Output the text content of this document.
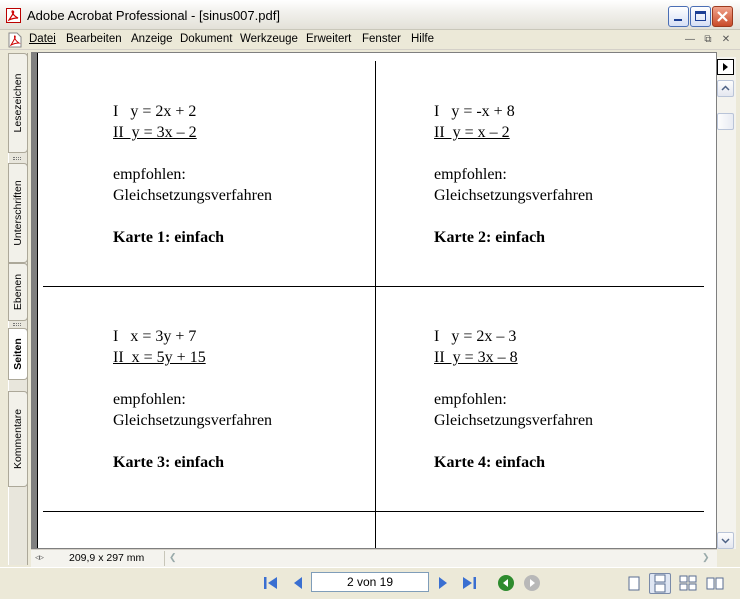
Adobe Acrobat Professional - [sinus007.pdf]
Datei Bearbeiten Anzeige Dokument Werkzeuge Erweitert Fenster Hilfe	— ⧉	✕
Lesezeichen
Unterschriften
Ebenen
Seiten
Kommentare
I   y = 2x + 2
II  y = 3x – 2
empfohlen:
Gleichsetzungsverfahren
Karte 1: einfach
I   y = -x + 8
II  y = x – 2
empfohlen:
Gleichsetzungsverfahren
Karte 2: einfach
I   x = 3y + 7
II  x = 5y + 15
empfohlen:
Gleichsetzungsverfahren
Karte 3: einfach
I   y = 2x – 3
II  y = 3x – 8
empfohlen:
Gleichsetzungsverfahren
Karte 4: einfach
◃▹	209,9 x 297 mm	❮	❯
2 von 19
